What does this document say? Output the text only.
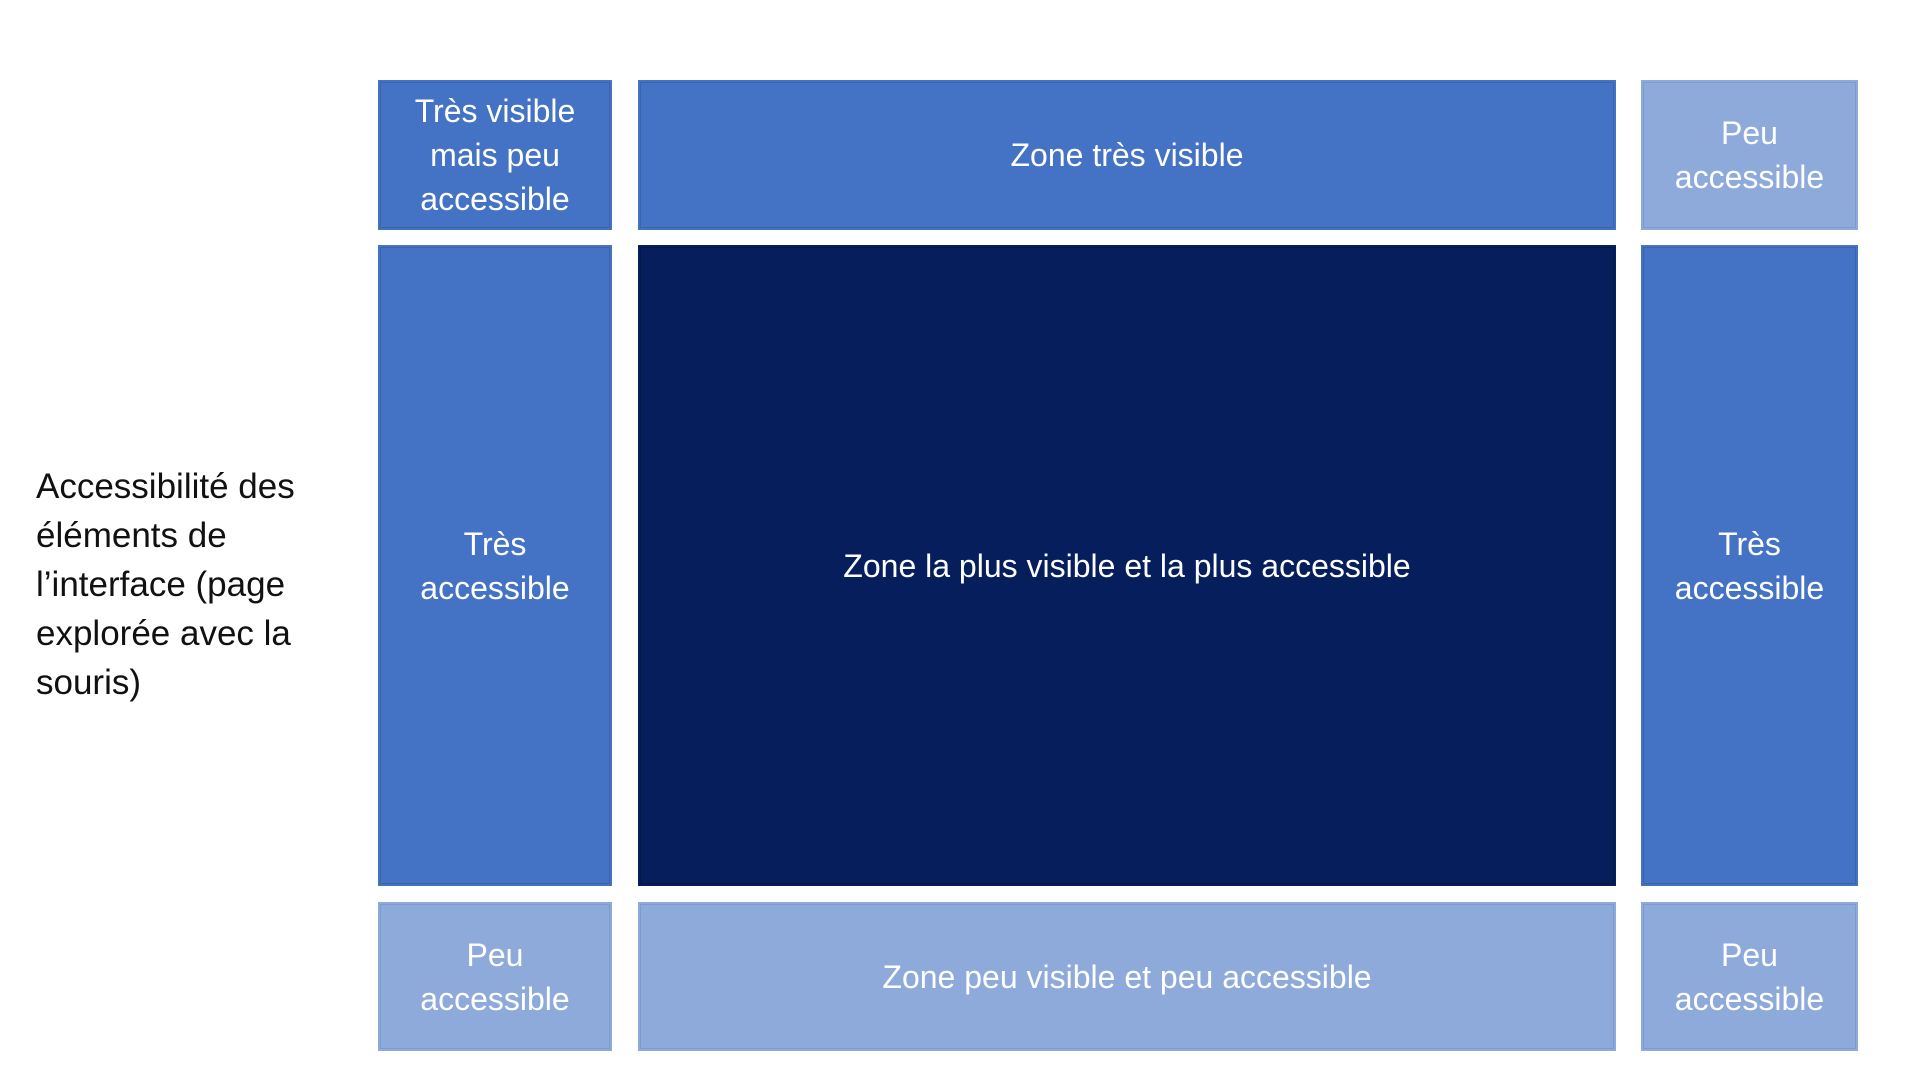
Accessibilité des
éléments de
l’interface (page
explorée avec la
souris)
Très visible
mais peu
accessible
Zone très visible
Peu
accessible
Très
accessible
Zone la plus visible et la plus accessible
Très
accessible
Peu
accessible
Zone peu visible et peu accessible
Peu
accessible
